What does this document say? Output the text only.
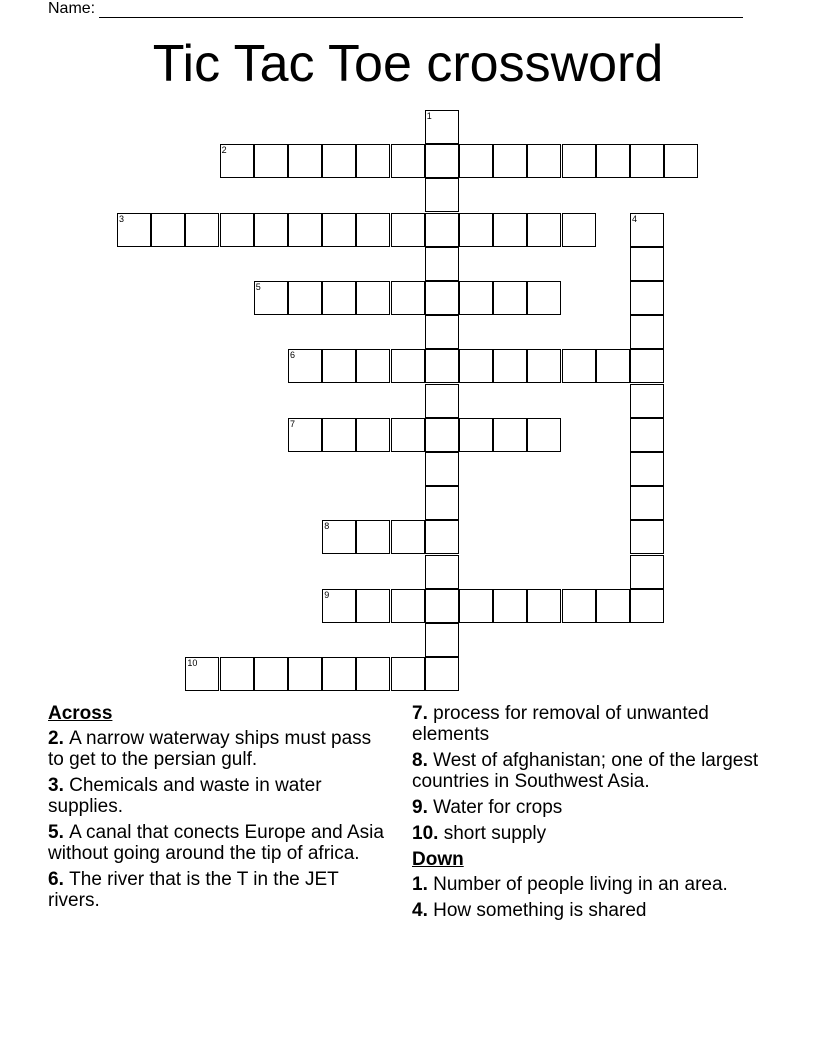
Name:
Tic Tac Toe crossword
1
2
3	4
5
6
7
8
9
10
Across
2. A narrow waterway ships must pass to get to the persian gulf.
3. Chemicals and waste in water supplies.
5. A canal that conects Europe and Asia without going around the tip of africa.
6. The river that is the T in the JET rivers.
7. process for removal of unwanted elements
8. West of afghanistan; one of the largest countries in Southwest Asia.
9. Water for crops
10. short supply
Down
1. Number of people living in an area.
4. How something is shared
